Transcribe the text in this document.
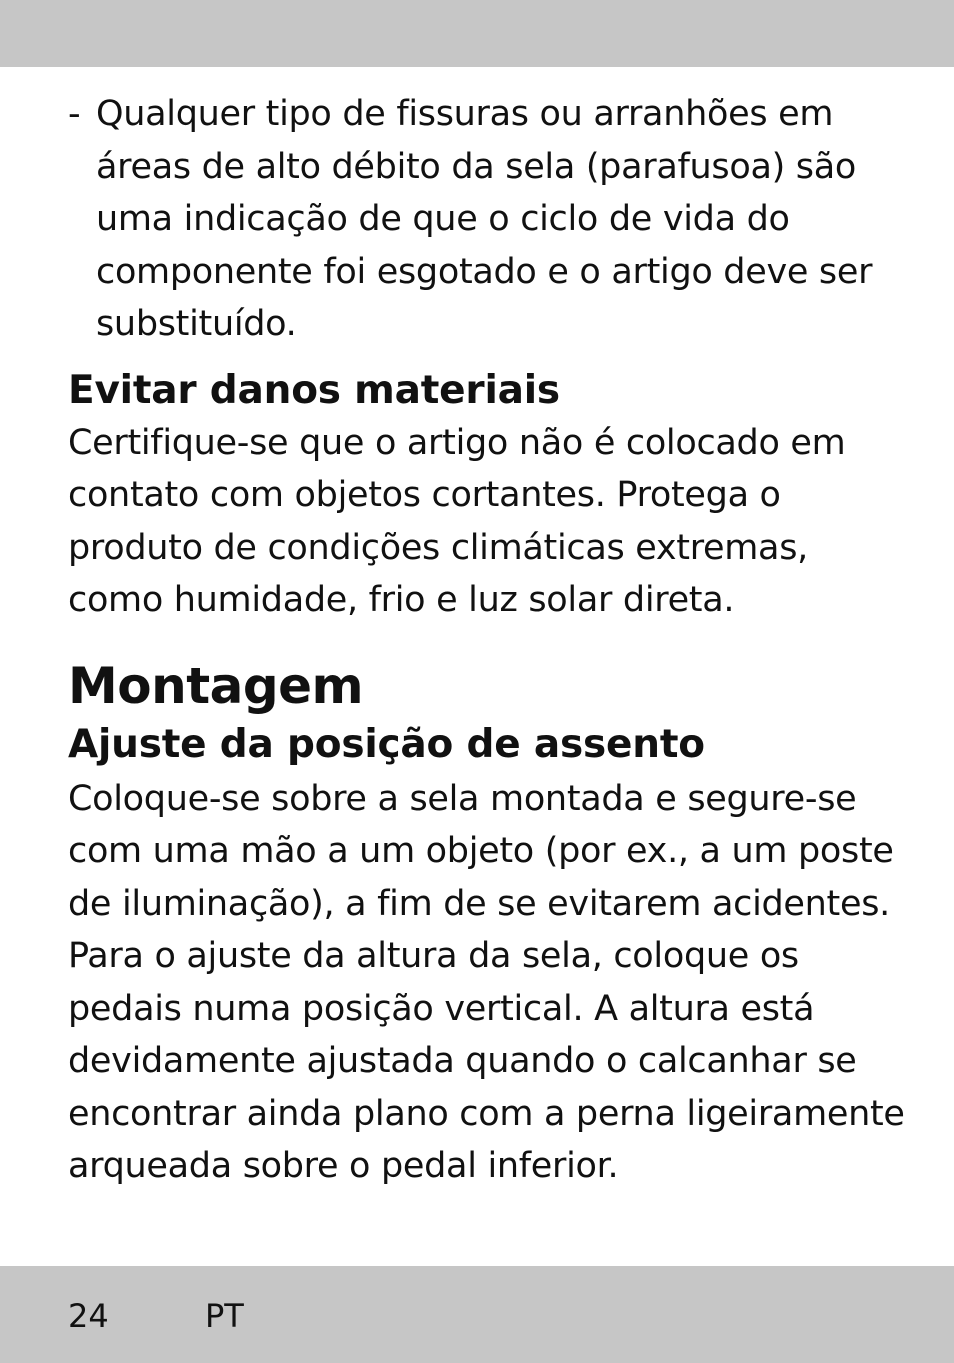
- Qualquer tipo de fissuras ou arranhões em áreas de alto débito da sela (parafusoa) são uma indicação de que o ciclo de vida do componente foi esgotado e o artigo deve ser substituído.
Evitar danos materiais

Certifique-se que o artigo não é colocado em contato com objetos cortantes. Protega o produto de condições climáticas extremas, como humidade, frio e luz solar direta.

Montagem
Ajuste da posição de assento

Coloque-se sobre a sela montada e segure-se com uma mão a um objeto (por ex., a um poste de iluminação), a fim de se evitarem acidentes. Para o ajuste da altura da sela, coloque os pedais numa posição vertical. A altura está devidamente ajustada quando o calcanhar se encontrar ainda plano com a perna ligeiramente arqueada sobre o pedal inferior.

24	PT
